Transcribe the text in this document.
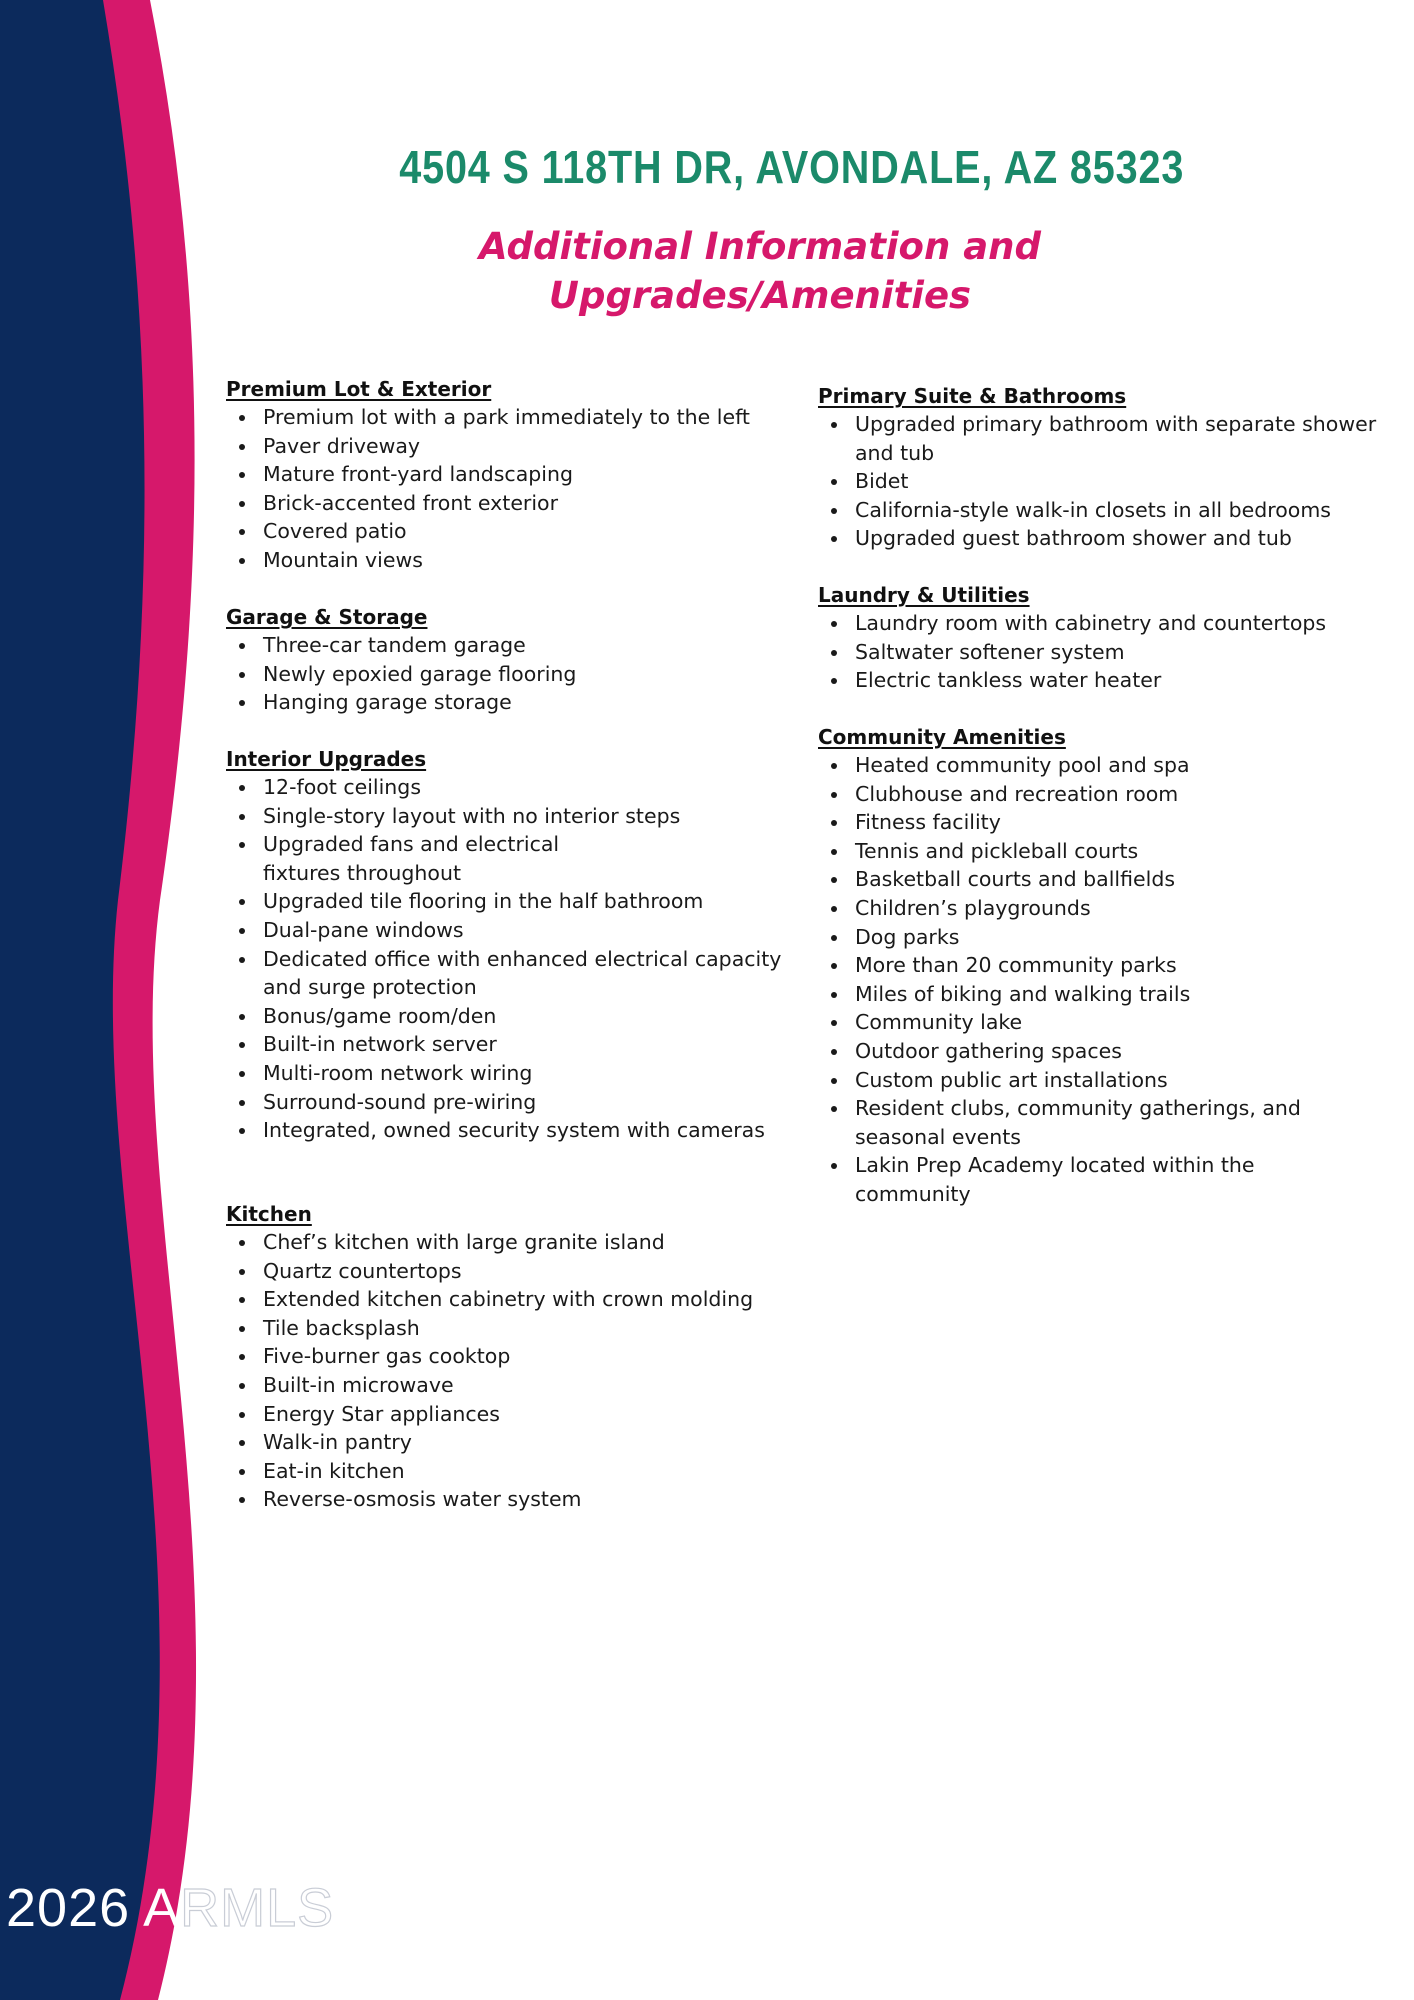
4504 S 118TH DR, AVONDALE, AZ 85323

Additional Information and Upgrades/Amenities

Premium Lot & Exterior
Premium lot with a park immediately to the left
Paver driveway
Mature front-yard landscaping
Brick-accented front exterior
Covered patio
Mountain views
Garage & Storage
Three-car tandem garage
Newly epoxied garage flooring
Hanging garage storage
Interior Upgrades
12-foot ceilings
Single-story layout with no interior steps
Upgraded fans and electrical fixtures throughout
Upgraded tile flooring in the half bathroom
Dual-pane windows
Dedicated office with enhanced electrical capacity and surge protection
Bonus/game room/den
Built-in network server
Multi-room network wiring
Surround-sound pre-wiring
Integrated, owned security system with cameras
Kitchen
Chef’s kitchen with large granite island
Quartz countertops
Extended kitchen cabinetry with crown molding
Tile backsplash
Five-burner gas cooktop
Built-in microwave
Energy Star appliances
Walk-in pantry
Eat-in kitchen
Reverse-osmosis water system
Primary Suite & Bathrooms
Upgraded primary bathroom with separate shower and tub
Bidet
California-style walk-in closets in all bedrooms
Upgraded guest bathroom shower and tub
Laundry & Utilities
Laundry room with cabinetry and countertops
Saltwater softener system
Electric tankless water heater
Community Amenities
Heated community pool and spa
Clubhouse and recreation room
Fitness facility
Tennis and pickleball courts
Basketball courts and ballfields
Children’s playgrounds
Dog parks
More than 20 community parks
Miles of biking and walking trails
Community lake
Outdoor gathering spaces
Custom public art installations
Resident clubs, community gatherings, and seasonal events
Lakin Prep Academy located within the community
2026 ARMLS
